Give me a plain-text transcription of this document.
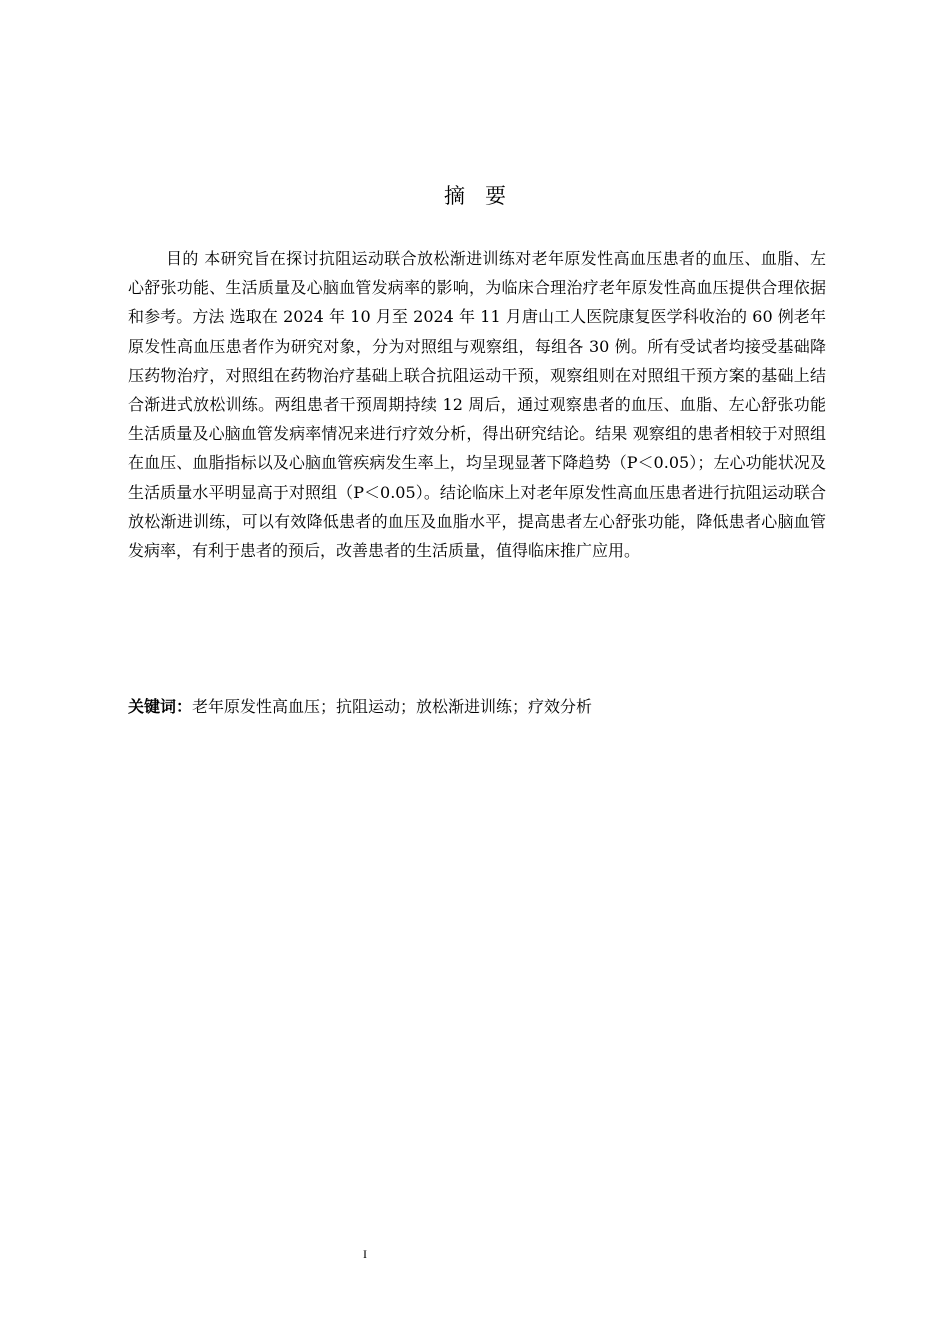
摘 要

目的 本研究旨在探讨抗阻运动联合放松渐进训练对老年原发性高血压患者的血压、血脂、左心舒张功能、生活质量及心脑血管发病率的影响，为临床合理治疗老年原发性高血压提供合理依据和参考。方法 选取在 2024 年 10 月至 2024 年 11 月唐山工人医院康复医学科收治的 60 例老年原发性高血压患者作为研究对象，分为对照组与观察组，每组各 30 例。所有受试者均接受基础降压药物治疗，对照组在药物治疗基础上联合抗阻运动干预，观察组则在对照组干预方案的基础上结合渐进式放松训练。两组患者干预周期持续 12 周后，通过观察患者的血压、血脂、左心舒张功能生活质量及心脑血管发病率情况来进行疗效分析，得出研究结论。结果 观察组的患者相较于对照组在血压、血脂指标以及心脑血管疾病发生率上，均呈现显著下降趋势（P＜0.05）；左心功能状况及生活质量水平明显高于对照组（P＜0.05）。结论临床上对老年原发性高血压患者进行抗阻运动联合放松渐进训练，可以有效降低患者的血压及血脂水平，提高患者左心舒张功能，降低患者心脑血管发病率，有利于患者的预后，改善患者的生活质量，值得临床推广应用。

关键词：老年原发性高血压；抗阻运动；放松渐进训练；疗效分析

I
